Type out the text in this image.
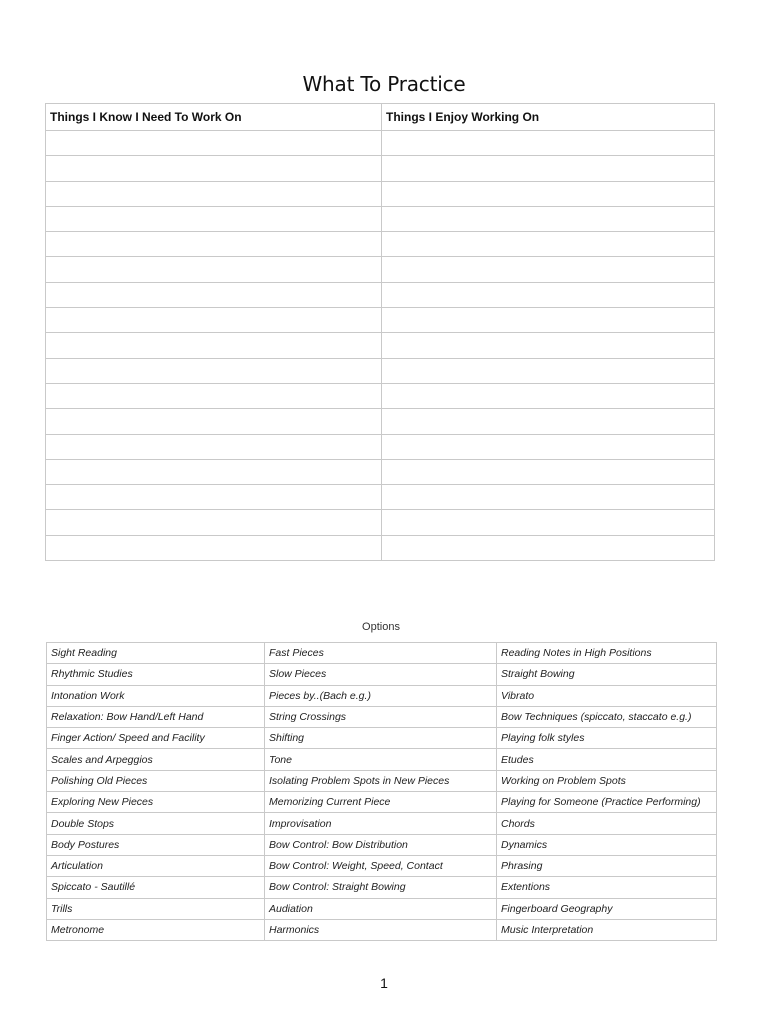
What To Practice
Things I Know I Need To Work On	Things I Enjoy Working On

Options
Sight Reading	Fast Pieces	Reading Notes in High Positions
Rhythmic Studies	Slow Pieces	Straight Bowing
Intonation Work	Pieces by..(Bach e.g.)	Vibrato
Relaxation: Bow Hand/Left Hand	String Crossings	Bow Techniques (spiccato, staccato e.g.)
Finger Action/ Speed and Facility	Shifting	Playing folk styles
Scales and Arpeggios	Tone	Etudes
Polishing Old Pieces	Isolating Problem Spots in New Pieces	Working on Problem Spots
Exploring New Pieces	Memorizing Current Piece	Playing for Someone (Practice Performing)
Double Stops	Improvisation	Chords
Body Postures	Bow Control: Bow Distribution	Dynamics
Articulation	Bow Control: Weight, Speed, Contact	Phrasing
Spiccato - Sautillé	Bow Control: Straight Bowing	Extentions
Trills	Audiation	Fingerboard Geography
Metronome	Harmonics	Music Interpretation
1
